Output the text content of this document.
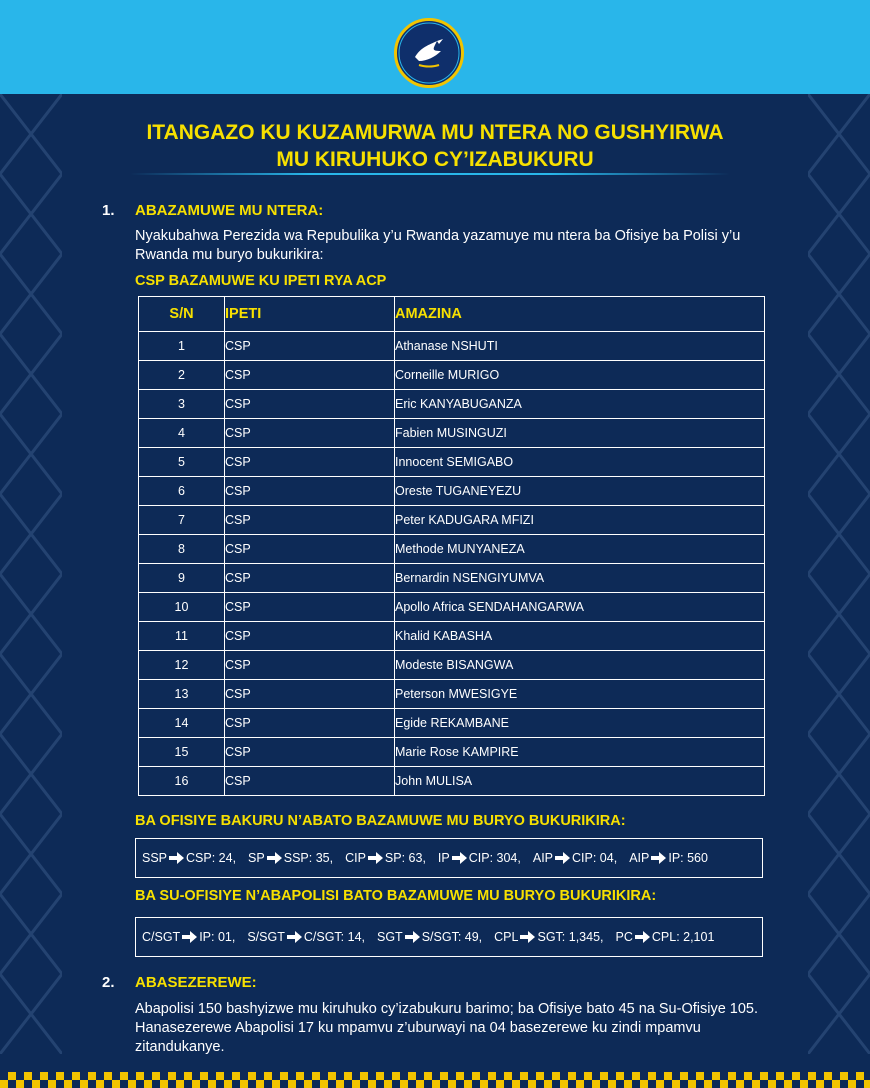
ITANGAZO KU KUZAMURWA MU NTERA NO GUSHYIRWA
MU KIRUHUKO CY’IZABUKURU
1. ABAZAMUWE MU NTERA:
Nyakubahwa Perezida wa Repubulika y’u Rwanda yazamuye mu ntera ba Ofisiye ba Polisi y’u Rwanda mu buryo bukurikira:
CSP BAZAMUWE KU IPETI RYA ACP
S/N	IPETI	AMAZINA
1	CSP	Athanase NSHUTI
2	CSP	Corneille MURIGO
3	CSP	Eric KANYABUGANZA
4	CSP	Fabien MUSINGUZI
5	CSP	Innocent SEMIGABO
6	CSP	Oreste TUGANEYEZU
7	CSP	Peter KADUGARA MFIZI
8	CSP	Methode MUNYANEZA
9	CSP	Bernardin NSENGIYUMVA
10	CSP	Apollo Africa SENDAHANGARWA
11	CSP	Khalid KABASHA
12	CSP	Modeste BISANGWA
13	CSP	Peterson MWESIGYE
14	CSP	Egide REKAMBANE
15	CSP	Marie Rose KAMPIRE
16	CSP	John MULISA
BA OFISIYE BAKURU N’ABATO BAZAMUWE MU BURYO BUKURIKIRA:
SSP CSP: 24, SP SSP: 35, CIP SP: 63, IP CIP: 304, AIP CIP: 04, AIP IP: 560
BA SU-OFISIYE N’ABAPOLISI BATO BAZAMUWE MU BURYO BUKURIKIRA:
C/SGT IP: 01, S/SGT C/SGT: 14, SGT S/SGT: 49, CPL SGT: 1,345, PC CPL: 2,101
2. ABASEZEREWE:
Abapolisi 150 bashyizwe mu kiruhuko cy’izabukuru barimo; ba Ofisiye bato 45 na Su-Ofisiye 105. Hanasezerewe Abapolisi 17 ku mpamvu z’uburwayi na 04 basezerewe ku zindi mpamvu zitandukanye.
